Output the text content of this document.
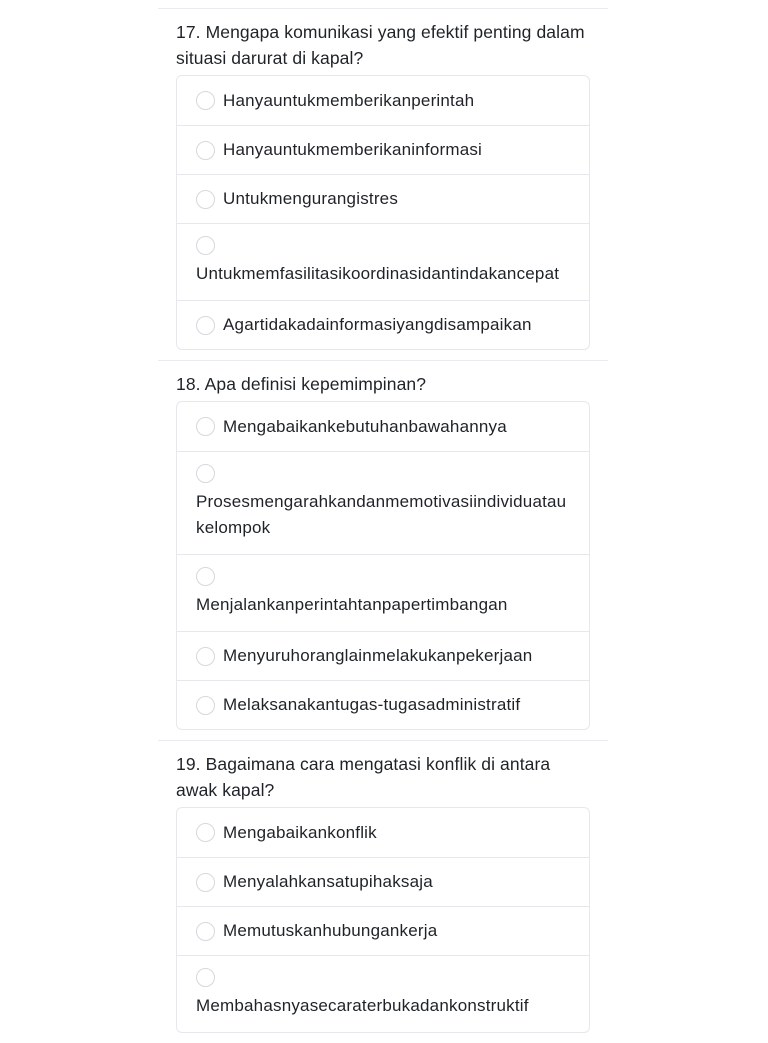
17. Mengapa komunikasi yang efektif penting dalam situasi darurat di kapal?
Hanyauntukmemberikanperintah
Hanyauntukmemberikaninformasi
Untukmengurangistres
Untukmemfasilitasikoordinasidantindakancepat
Agartidakadainformasiyangdisampaikan
18. Apa definisi kepemimpinan?
Mengabaikankebutuhanbawahannya
Prosesmengarahkandanmemotivasiindividuataukelompok
Menjalankanperintahtanpapertimbangan
Menyuruhoranglainmelakukanpekerjaan
Melaksanakantugas-tugasadministratif
19. Bagaimana cara mengatasi konflik di antara awak kapal?
Mengabaikankonflik
Menyalahkansatupihaksaja
Memutuskanhubungankerja
Membahasnyasecaraterbukadankonstruktif
